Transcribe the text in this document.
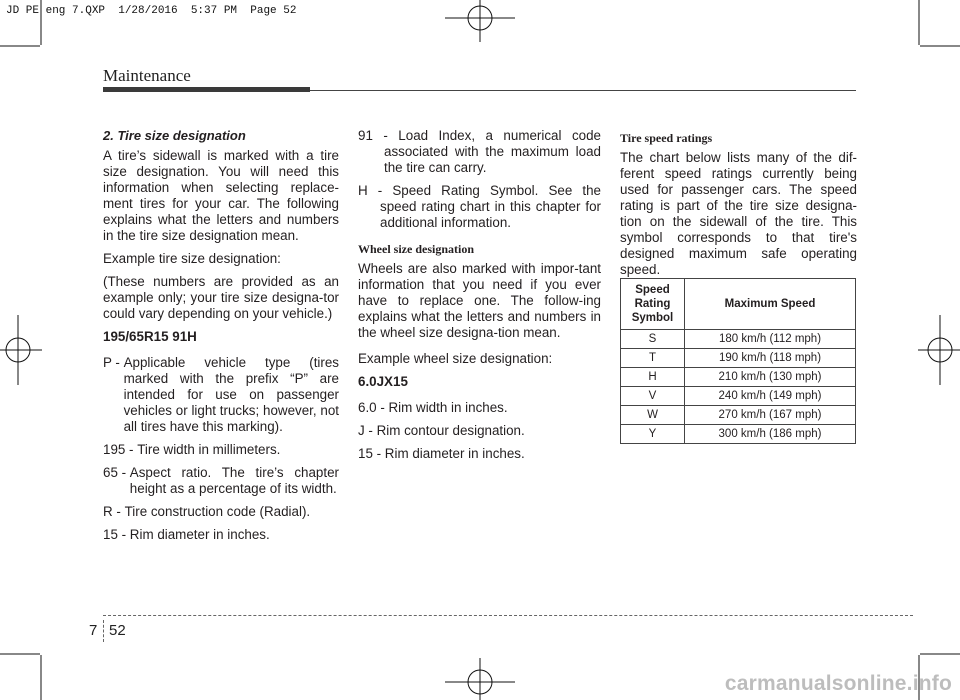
JD PE eng 7.QXP  1/28/2016  5:37 PM  Page 52
Maintenance

2. Tire size designation

A tire’s sidewall is marked with a tire size designation. You will need this information when selecting replace-ment tires for your car. The following explains what the letters and numbers in the tire size designation mean.

Example tire size designation:

(These numbers are provided as an example only; your tire size designa-tor could vary depending on your vehicle.)

195/65R15 91H

P - Applicable vehicle type (tires marked with the prefix “P” are intended for use on passenger vehicles or light trucks; however, not all tires have this marking).
195 - Tire width in millimeters.
65 - Aspect ratio. The tire’s chapter height as a percentage of its width.
R - Tire construction code (Radial).
15 - Rim diameter in inches.

91 - Load Index, a numerical code associated with the maximum load the tire can carry.

H - Speed Rating Symbol. See the speed rating chart in this chapter for additional information.

Wheel size designation

Wheels are also marked with impor-tant information that you need if you ever have to replace one. The follow-ing explains what the letters and numbers in the wheel size designa-tion mean.

Example wheel size designation:

6.0JX15

6.0 - Rim width in inches.

J - Rim contour designation.

15 - Rim diameter in inches.

Tire speed ratings

The chart below lists many of the dif-ferent speed ratings currently being used for passenger cars. The speed rating is part of the tire size designa-tion on the sidewall of the tire. This symbol corresponds to that tire's designed maximum safe operating speed.

Speed Rating Symbol	Maximum Speed
S	180 km/h (112 mph)
T	190 km/h (118 mph)
H	210 km/h (130 mph)
V	240 km/h (149 mph)
W	270 km/h (167 mph)
Y	300 km/h (186 mph)
7 52
carmanualsonline.info
